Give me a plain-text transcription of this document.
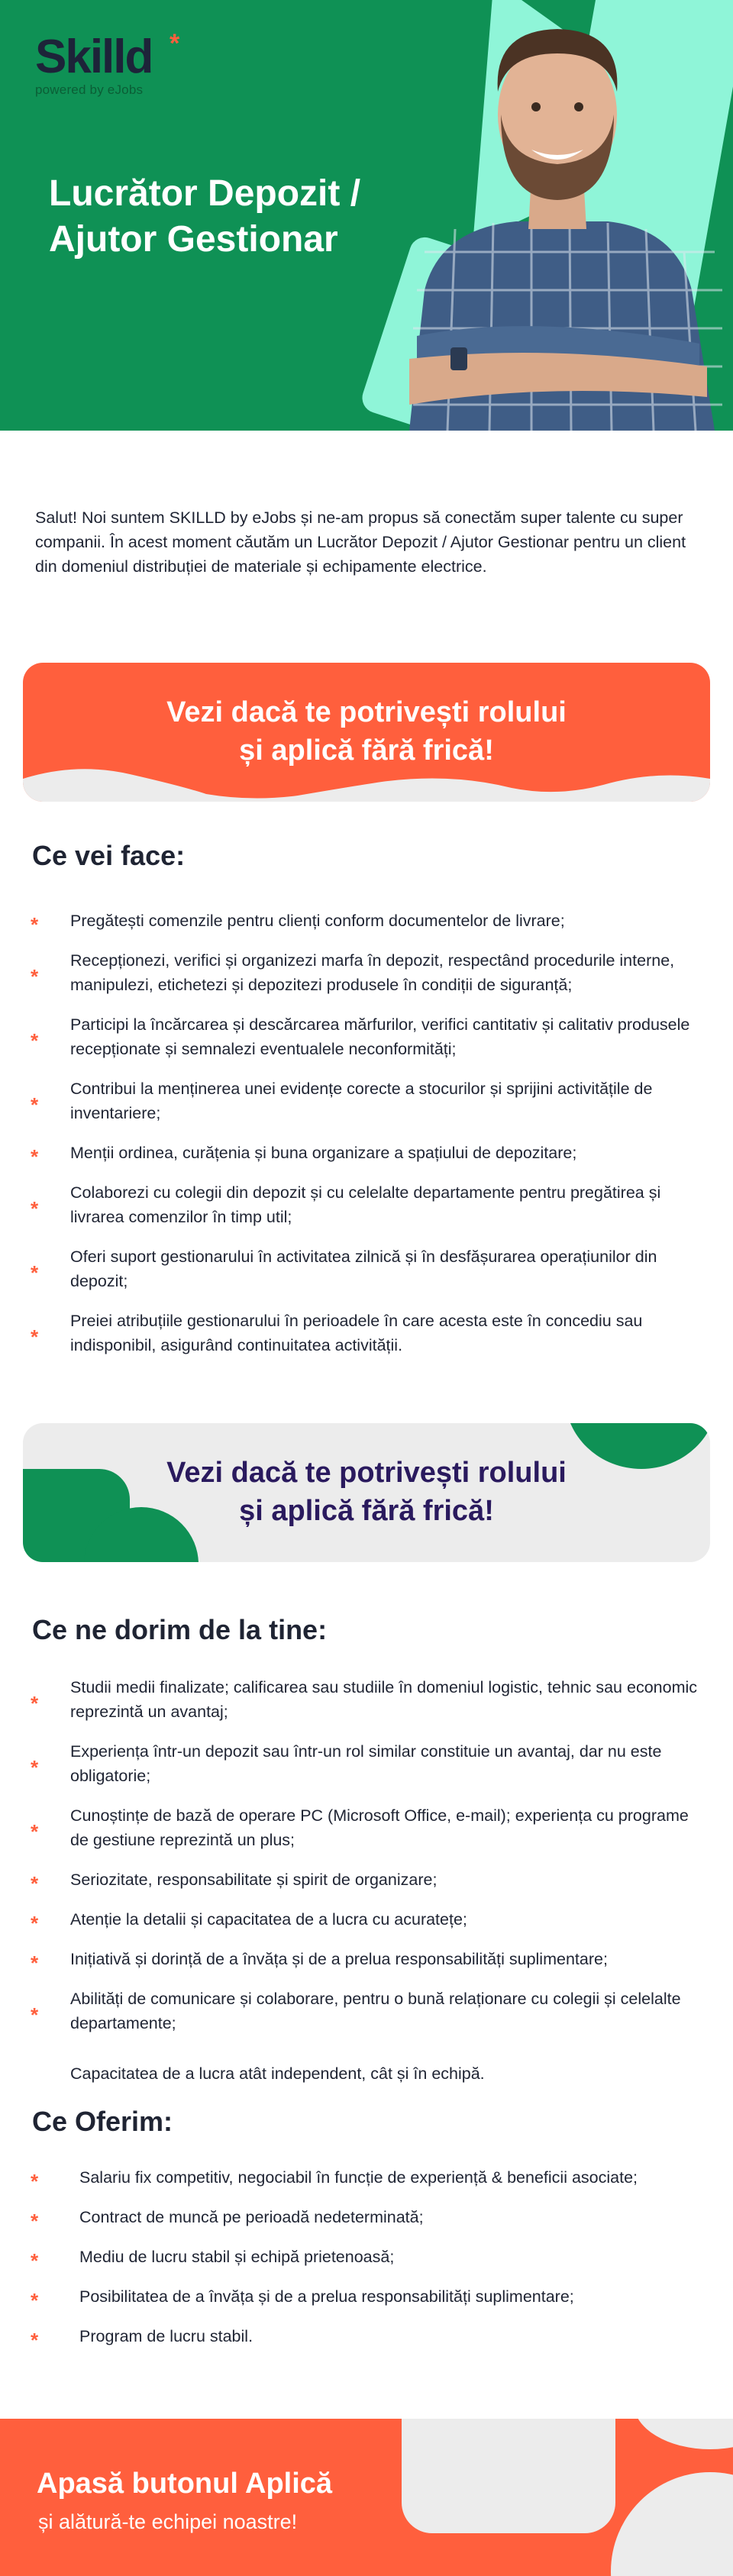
Skilld *
powered by eJobs
Lucrător Depozit / Ajutor Gestionar

Salut! Noi suntem SKILLD by eJobs și ne-am propus să conectăm super talente cu super companii. În acest moment căutăm un Lucrător Depozit / Ajutor Gestionar pentru un client din domeniul distribuției de materiale și echipamente electrice.

Vezi dacă te potrivești rolului
și aplică fără frică!
Ce vei face:
* Pregătești comenzile pentru clienți conform documentelor de livrare;
*
Recepționezi, verifici și organizezi marfa în depozit, respectând procedurile interne, manipulezi, etichetezi și depozitezi produsele în condiții de siguranță;
*
Participi la încărcarea și descărcarea mărfurilor, verifici cantitativ și calitativ produsele recepționate și semnalezi eventualele neconformități;
*
Contribui la menținerea unei evidențe corecte a stocurilor și sprijini activitățile de inventariere;
* Menții ordinea, curățenia și buna organizare a spațiului de depozitare;
*
Colaborezi cu colegii din depozit și cu celelalte departamente pentru pregătirea și livrarea comenzilor în timp util;
*
Oferi suport gestionarului în activitatea zilnică și în desfășurarea operațiunilor din depozit;
*
Preiei atribuțiile gestionarului în perioadele în care acesta este în concediu sau indisponibil, asigurând continuitatea activității.
Vezi dacă te potrivești rolului
și aplică fără frică!
Ce ne dorim de la tine:
*
Studii medii finalizate; calificarea sau studiile în domeniul logistic, tehnic sau economic reprezintă un avantaj;
*
Experiența într-un depozit sau într-un rol similar constituie un avantaj, dar nu este obligatorie;
*
Cunoștințe de bază de operare PC (Microsoft Office, e-mail); experiența cu programe de gestiune reprezintă un plus;
* Seriozitate, responsabilitate și spirit de organizare;
* Atenție la detalii și capacitatea de a lucra cu acuratețe;
* Inițiativă și dorință de a învăța și de a prelua responsabilități suplimentare;
*
Abilități de comunicare și colaborare, pentru o bună relaționare cu colegii și celelalte departamente;

Capacitatea de a lucra atât independent, cât și în echipă.

Ce Oferim:
*	Salariu fix competitiv, negociabil în funcție de experiență & beneficii asociate;
*	Contract de muncă pe perioadă nedeterminată;
*	Mediu de lucru stabil și echipă prietenoasă;
*	Posibilitatea de a învăța și de a prelua responsabilități suplimentare;
*	Program de lucru stabil.
Apasă butonul Aplică
și alătură-te echipei noastre!
